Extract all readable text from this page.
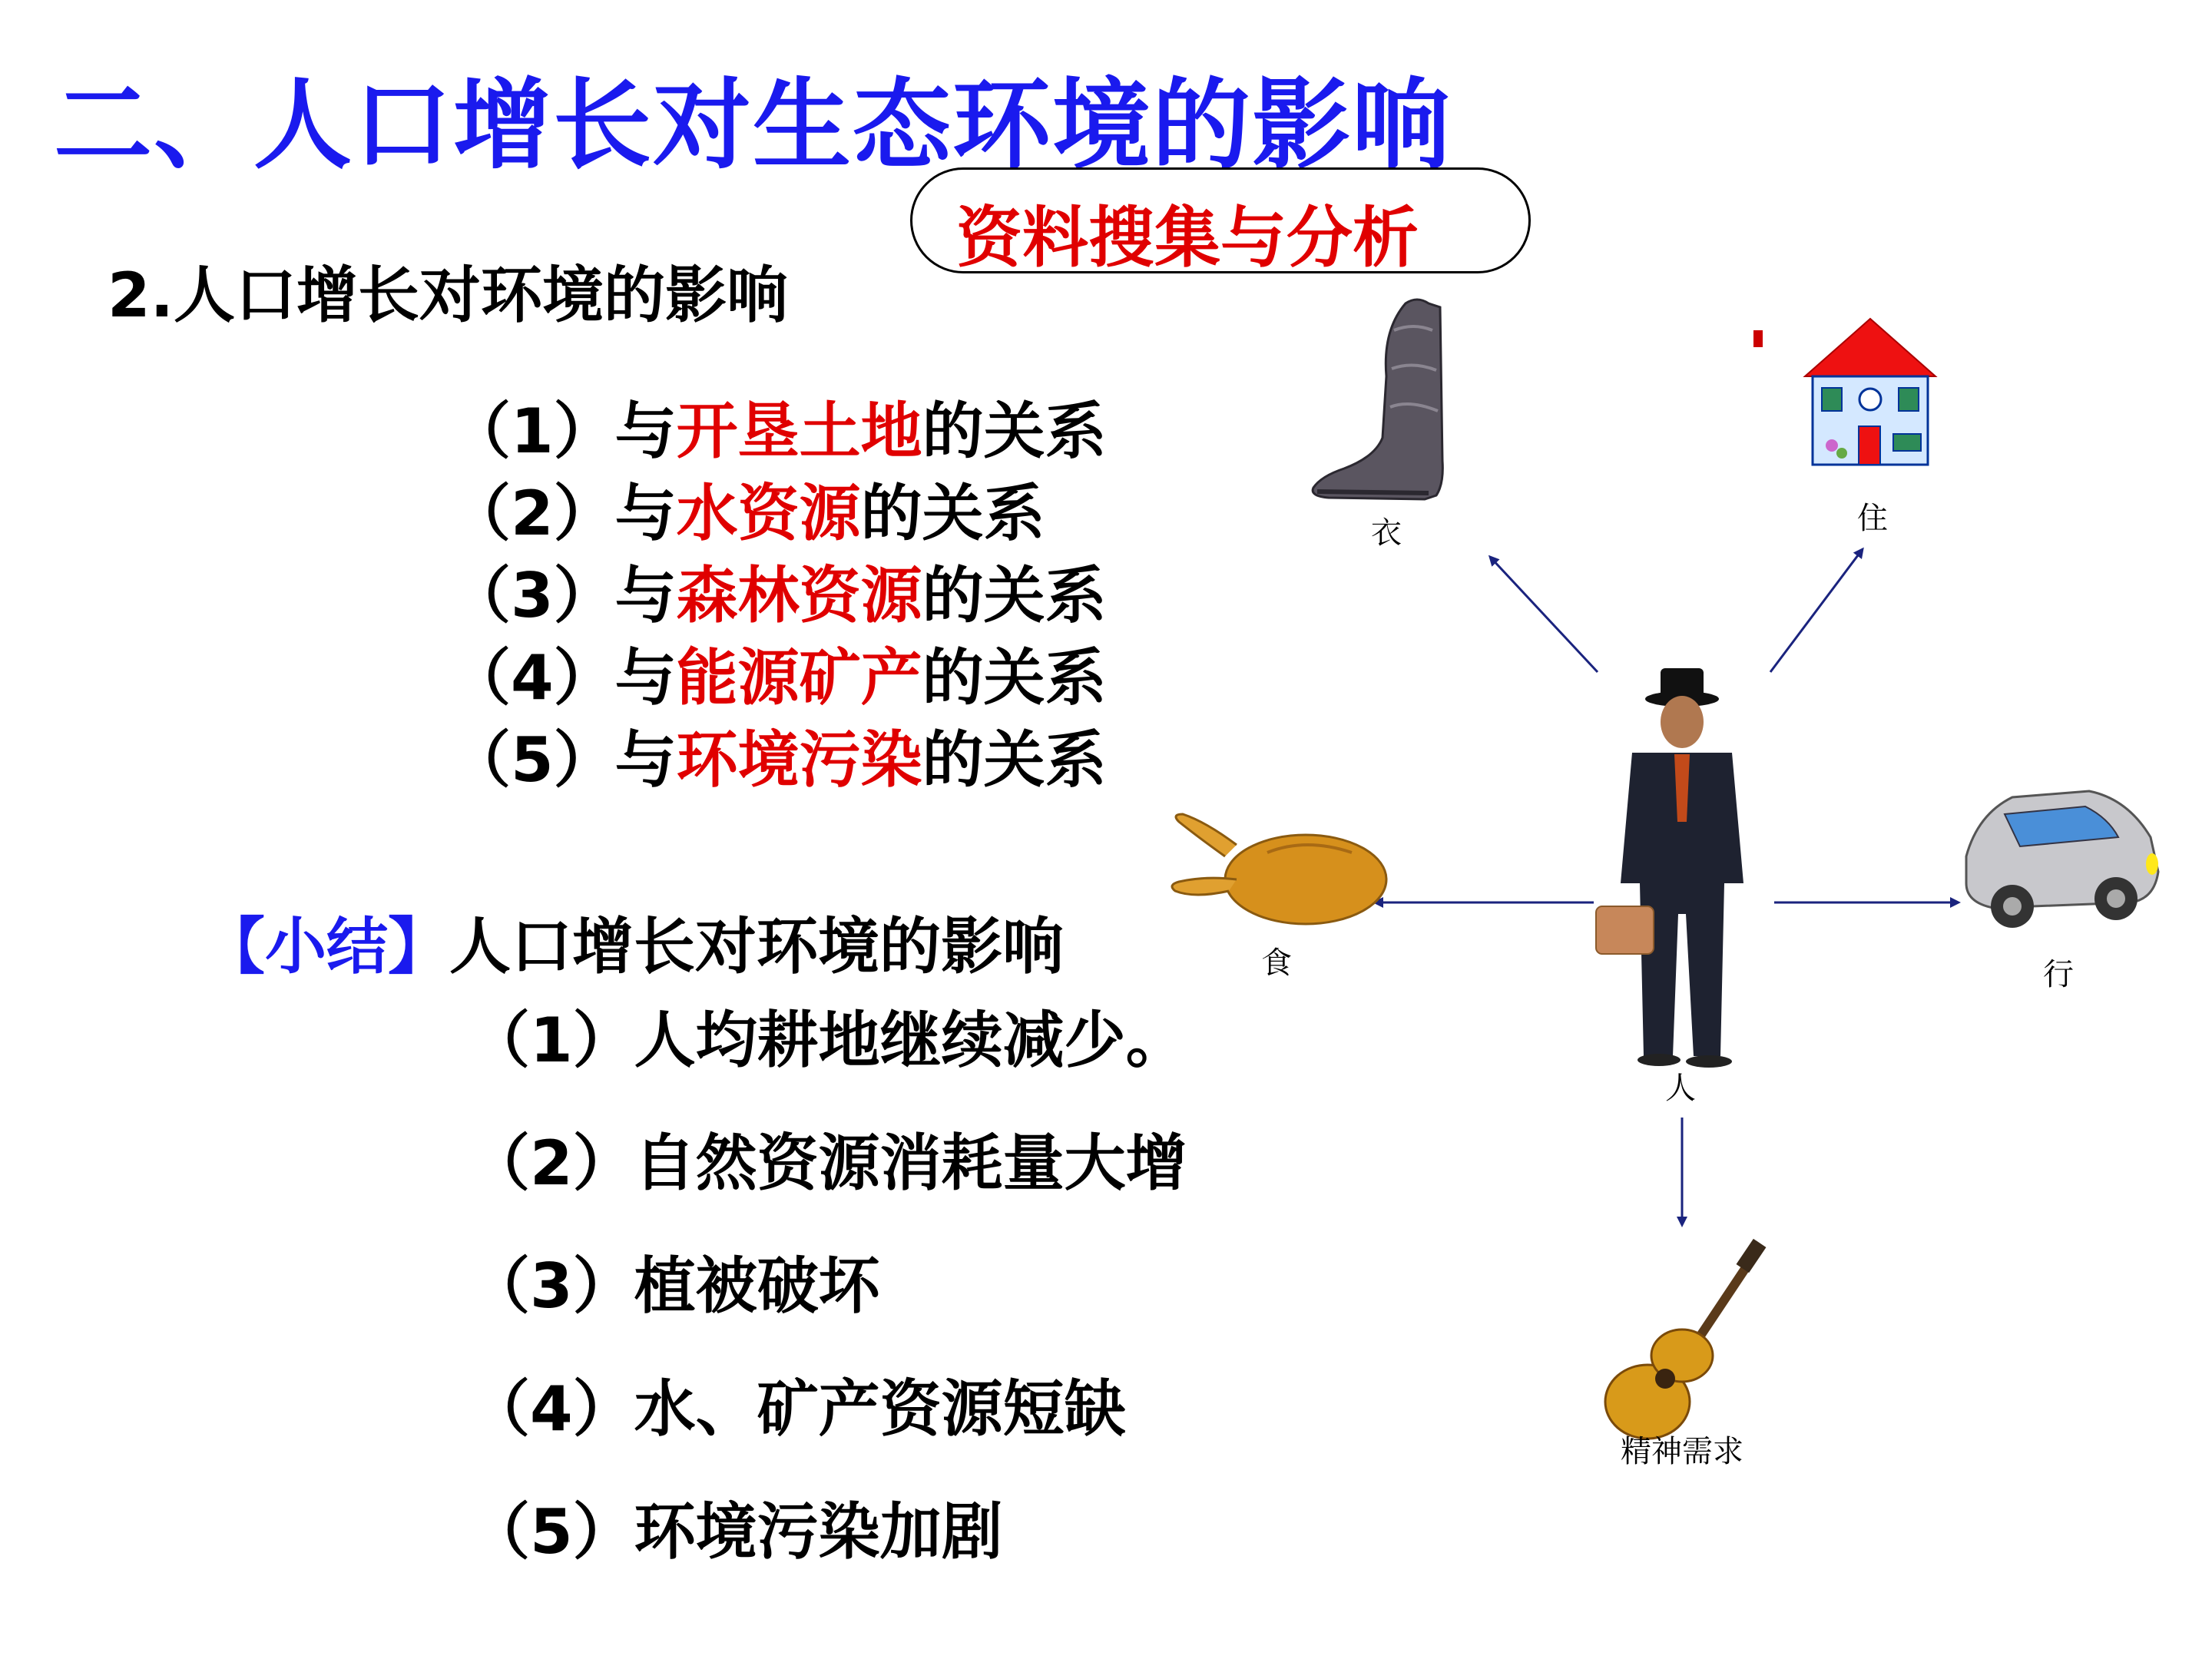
二、人口增长对生态环境的影响
资料搜集与分析
2.人口增长对环境的影响
（1）与开垦土地的关系
（2）与水资源的关系
（3）与森林资源的关系
（4）与能源矿产的关系
（5）与环境污染的关系
【小结】人口增长对环境的影响
（1）人均耕地继续减少。
（2）自然资源消耗量大增
（3）植被破坏
（4）水、矿产资源短缺
（5）环境污染加剧
衣	住
人
食	行
精神需求
